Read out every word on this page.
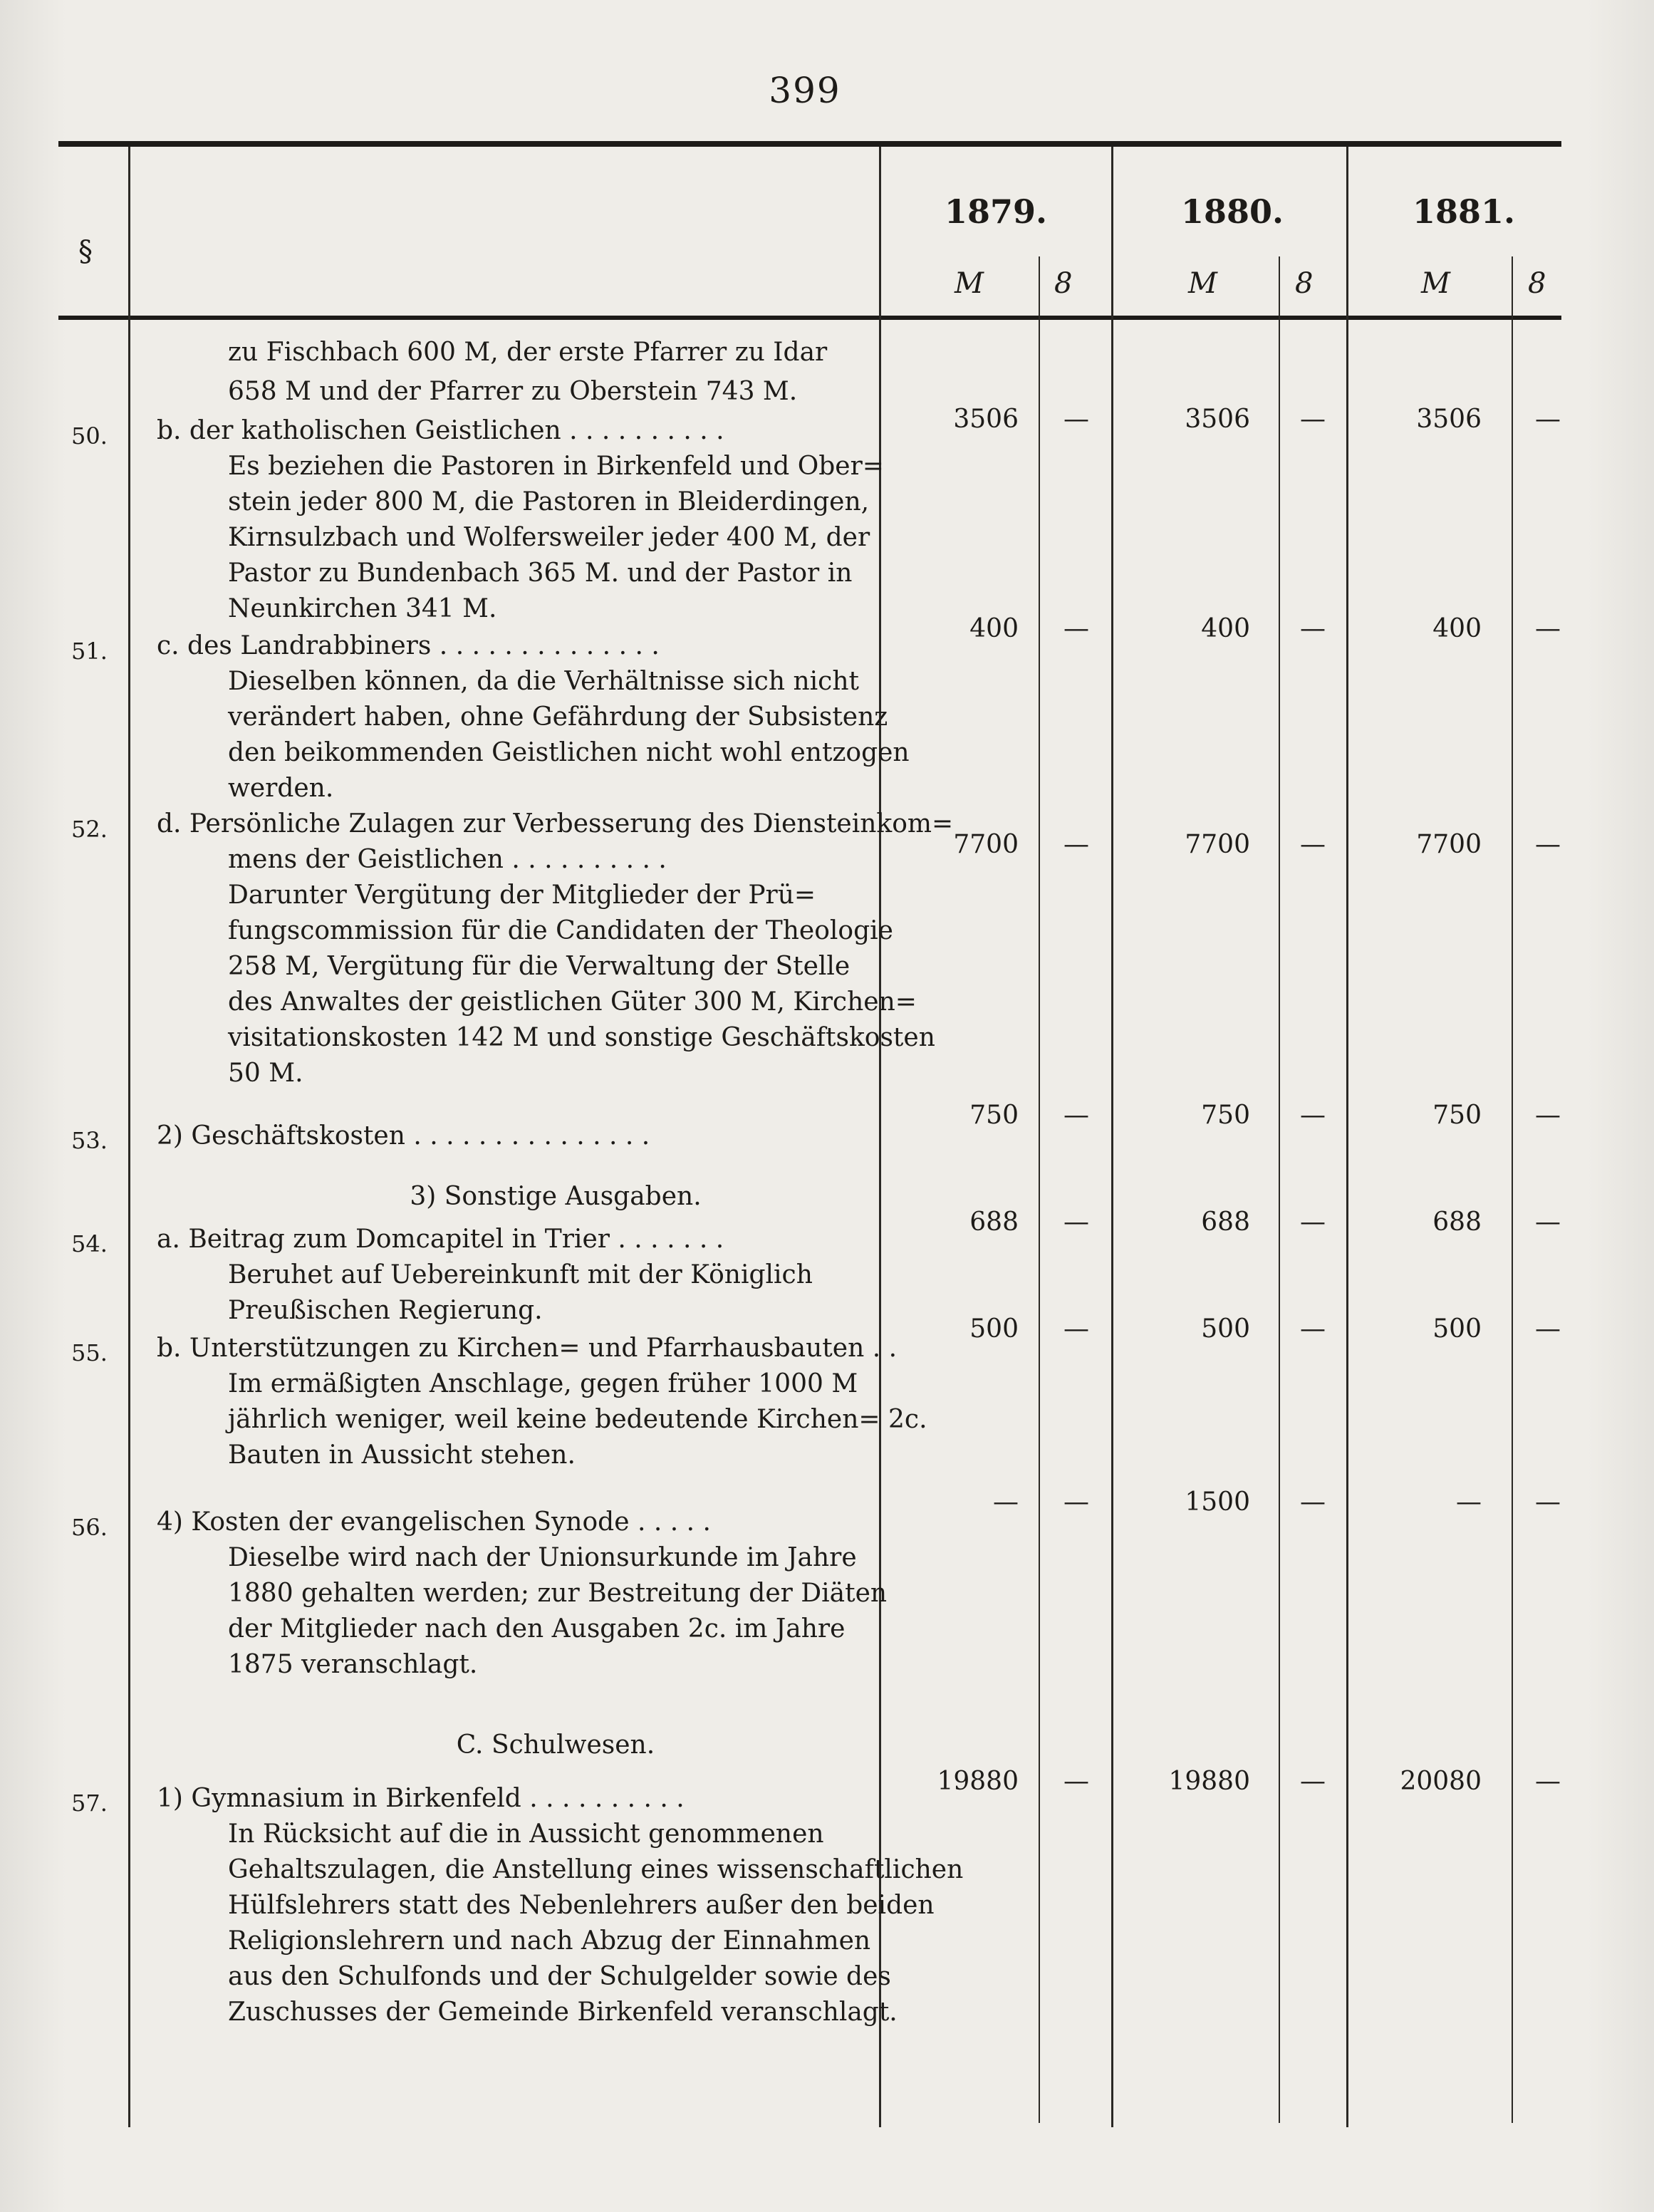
399
§
1879.	1880.	1881.
M 8	M	8	M	8
zu Fischbach 600 M, der erste Pfarrer zu Idar
658 M und der Pfarrer zu Oberstein 743 M.
50. b. der katholischen Geistlichen . . . . . . . . . .
Es beziehen die Pastoren in Birkenfeld und Ober=
stein jeder 800 M, die Pastoren in Bleiderdingen,
Kirnsulzbach und Wolfersweiler jeder 400 M, der
Pastor zu Bundenbach 365 M. und der Pastor in
Neunkirchen 341 M.
3506 —	3506 —	3506 —
51. c. des Landrabbiners . . . . . . . . . . . . . .
Dieselben können, da die Verhältnisse sich nicht
verändert haben, ohne Gefährdung der Subsistenz
den beikommenden Geistlichen nicht wohl entzogen
werden.
400 —	400 —	400 —
52. d. Persönliche Zulagen zur Verbesserung des Diensteinkom=
mens der Geistlichen . . . . . . . . . .
Darunter Vergütung der Mitglieder der Prü=
fungscommission für die Candidaten der Theologie
258 M, Vergütung für die Verwaltung der Stelle
des Anwaltes der geistlichen Güter 300 M, Kirchen=
visitationskosten 142 M und sonstige Geschäftskosten
50 M.
7700 —	7700 —	7700 —
53. 2) Geschäftskosten . . . . . . . . . . . . . . .
750 —	750 —	750 —
3) Sonstige Ausgaben.
54. a. Beitrag zum Domcapitel in Trier . . . . . . .
Beruhet auf Uebereinkunft mit der Königlich
Preußischen Regierung.
688 —	688 —	688 —
55. b. Unterstützungen zu Kirchen= und Pfarrhausbauten . .
Im ermäßigten Anschlage, gegen früher 1000 M
jährlich weniger, weil keine bedeutende Kirchen= 2c.
Bauten in Aussicht stehen.
500 —	500 —	500 —
56. 4) Kosten der evangelischen Synode . . . . .
Dieselbe wird nach der Unionsurkunde im Jahre
1880 gehalten werden; zur Bestreitung der Diäten
der Mitglieder nach den Ausgaben 2c. im Jahre
1875 veranschlagt.
— —	1500 —	— —
C. Schulwesen.
57. 1) Gymnasium in Birkenfeld . . . . . . . . . .
In Rücksicht auf die in Aussicht genommenen
Gehaltszulagen, die Anstellung eines wissenschaftlichen
Hülfslehrers statt des Nebenlehrers außer den beiden
Religionslehrern und nach Abzug der Einnahmen
aus den Schulfonds und der Schulgelder sowie des
Zuschusses der Gemeinde Birkenfeld veranschlagt.
19880 —	19880 —	20080 —
